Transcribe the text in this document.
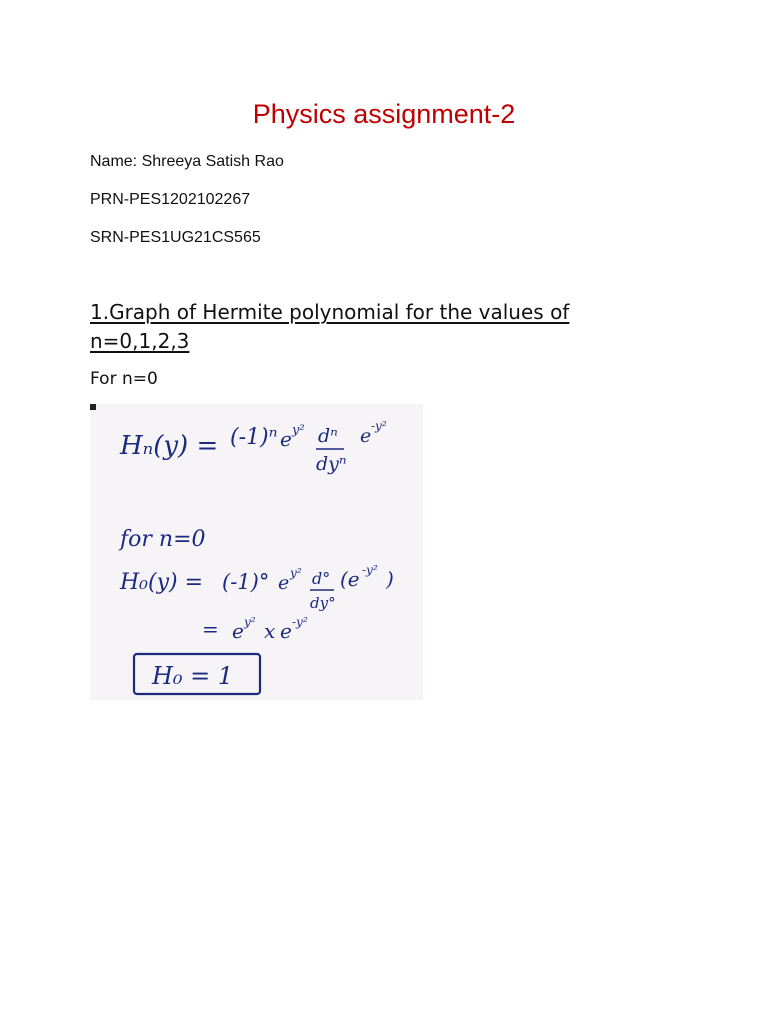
Physics assignment-2
Name: Shreeya Satish Rao
PRN-PES1202102267
SRN-PES1UG21CS565
1.Graph of Hermite polynomial for the values of n=0,1,2,3
For n=0
Hₙ(y) = (-1)ⁿ e y² dⁿ
dyⁿ
e -y²
for n=0
H₀(y) = (-1)° e y² d°
dy°
(e -y² )
= e y² x e -y²
H₀ = 1
